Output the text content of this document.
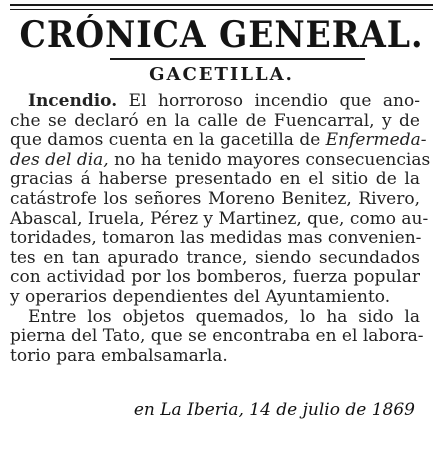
CRÓNICA GENERAL.
GACETILLA.
Incendio. El horroroso incendio que ano-
che se declaró en la calle de Fuencarral, y de
que damos cuenta en la gacetilla de Enfermeda-
des del dia, no ha tenido mayores consecuencias
gracias á haberse presentado en el sitio de la
catástrofe los señores Moreno Benitez, Rivero,
Abascal, Iruela, Pérez y Martinez, que, como au-
toridades, tomaron las medidas mas convenien-
tes en tan apurado trance, siendo secundados
con actividad por los bomberos, fuerza popular
y operarios dependientes del Ayuntamiento.
Entre los objetos quemados, lo ha sido la
pierna del Tato, que se encontraba en el labora-
torio para embalsamarla.
en La Iberia, 14 de julio de 1869
